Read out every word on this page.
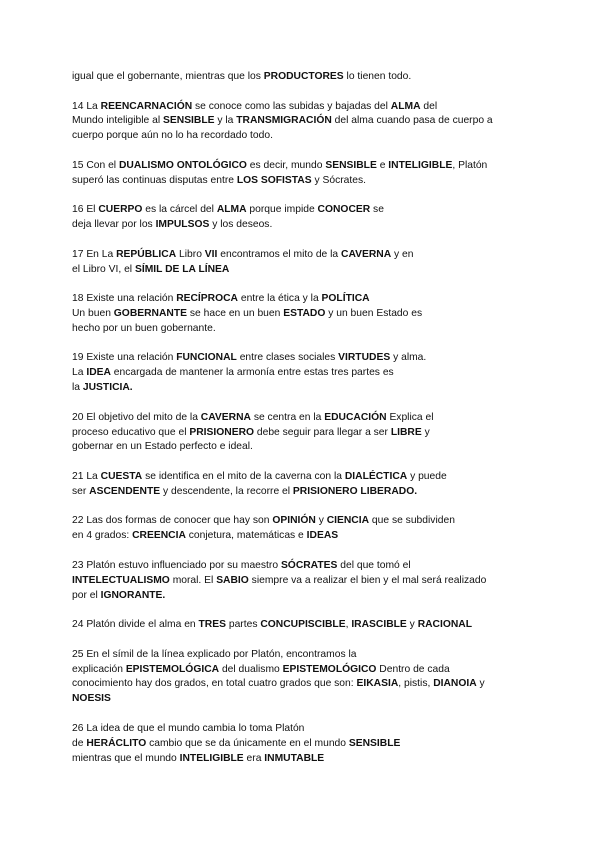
igual que el gobernante, mientras que los PRODUCTORES lo tienen todo.

14 La REENCARNACIÓN se conoce como las subidas y bajadas del ALMA del
Mundo inteligible al SENSIBLE y la TRANSMIGRACIÓN del alma cuando pasa de cuerpo a
cuerpo porque aún no lo ha recordado todo.

15 Con el DUALISMO ONTOLÓGICO es decir, mundo SENSIBLE e INTELIGIBLE, Platón
superó las continuas disputas entre LOS SOFISTAS y Sócrates.

16 El CUERPO es la cárcel del ALMA porque impide CONOCER se
deja llevar por los IMPULSOS y los deseos.

17 En La REPÚBLICA Libro VII encontramos el mito de la CAVERNA y en
el Libro VI, el SÍMIL DE LA LÍNEA

18 Existe una relación RECÍPROCA entre la ética y la POLÍTICA
Un buen GOBERNANTE se hace en un buen ESTADO y un buen Estado es
hecho por un buen gobernante.

19 Existe una relación FUNCIONAL entre clases sociales VIRTUDES y alma.
La IDEA encargada de mantener la armonía entre estas tres partes es
la JUSTICIA.

20 El objetivo del mito de la CAVERNA se centra en la EDUCACIÓN Explica el
proceso educativo que el PRISIONERO debe seguir para llegar a ser LIBRE y
gobernar en un Estado perfecto e ideal.

21 La CUESTA se identifica en el mito de la caverna con la DIALÉCTICA y puede
ser ASCENDENTE y descendente, la recorre el PRISIONERO LIBERADO.

22 Las dos formas de conocer que hay son OPINIÓN y CIENCIA que se subdividen
en 4 grados: CREENCIA conjetura, matemáticas e IDEAS

23 Platón estuvo influenciado por su maestro SÓCRATES del que tomó el
INTELECTUALISMO moral. El SABIO siempre va a realizar el bien y el mal será realizado
por el IGNORANTE.

24 Platón divide el alma en TRES partes CONCUPISCIBLE, IRASCIBLE y RACIONAL

25 En el símil de la línea explicado por Platón, encontramos la
explicación EPISTEMOLÓGICA del dualismo EPISTEMOLÓGICO Dentro de cada
conocimiento hay dos grados, en total cuatro grados que son: EIKASIA, pistis, DIANOIA y
NOESIS

26 La idea de que el mundo cambia lo toma Platón
de HERÁCLITO cambio que se da únicamente en el mundo SENSIBLE
mientras que el mundo INTELIGIBLE era INMUTABLE
